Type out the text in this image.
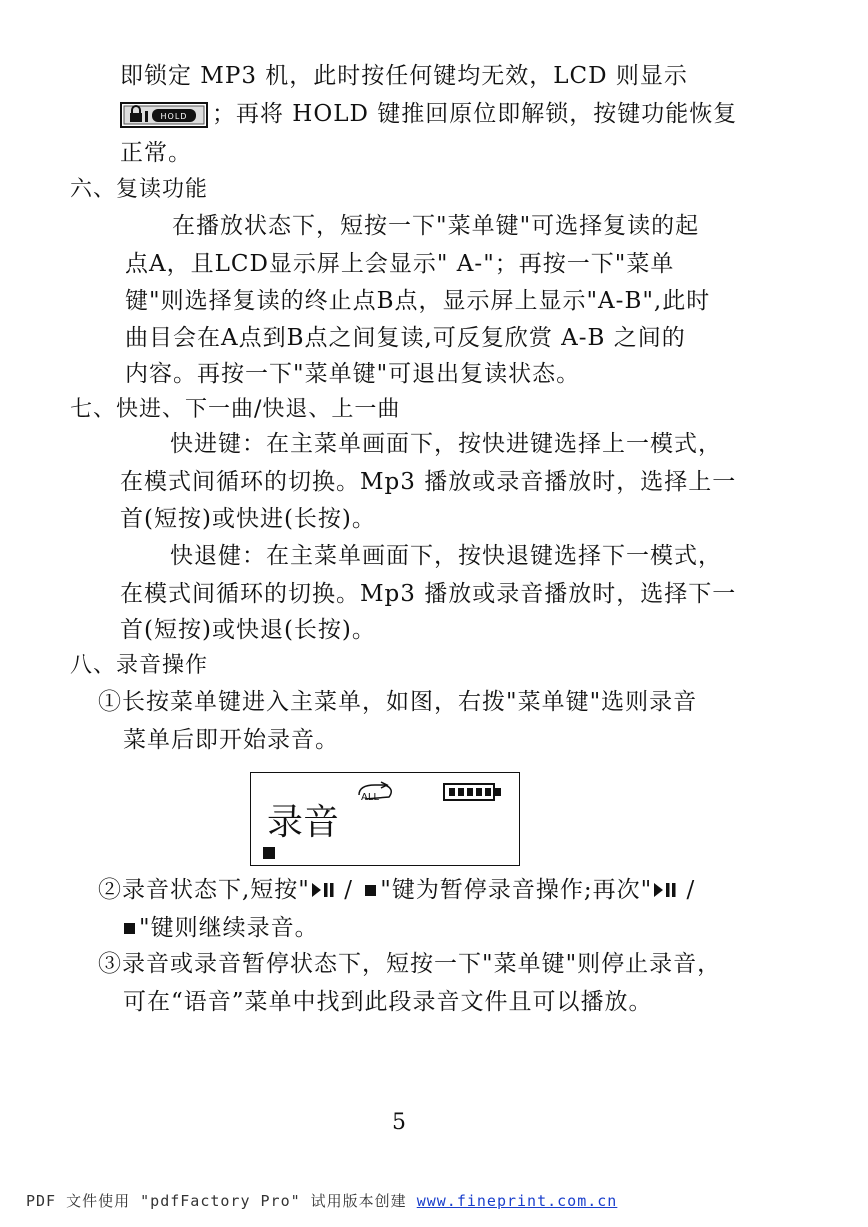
即锁定 MP3 机，此时按任何键均无效，LCD 则显示
HOLD ；再将 HOLD 键推回原位即解锁，按键功能恢复
正常。
六、复读功能
在播放状态下，短按一下"菜单键"可选择复读的起
点A，且LCD显示屏上会显示" A-"；再按一下"菜单
键"则选择复读的终止点B点，显示屏上显示"A-B",此时
曲目会在A点到B点之间复读,可反复欣赏 A-B 之间的
内容。再按一下"菜单键"可退出复读状态。
七、快进、下一曲/快退、上一曲
快进键：在主菜单画面下，按快进键选择上一模式，
在模式间循环的切换。Mp3 播放或录音播放时，选择上一
首(短按)或快进(长按)。
快退健：在主菜单画面下，按快退键选择下一模式，
在模式间循环的切换。Mp3 播放或录音播放时，选择下一
首(短按)或快退(长按)。
八、录音操作
①长按菜单键进入主菜单，如图，右拨"菜单键"选则录音
菜单后即开始录音。
ALL
录音
②录音状态下,短按" / "键为暂停录音操作;再次" /
"键则继续录音。
③录音或录音暂停状态下，短按一下"菜单键"则停止录音，
可在“语音”菜单中找到此段录音文件且可以播放。
5
PDF 文件使用 "pdfFactory Pro" 试用版本创建 www.fineprint.com.cn
